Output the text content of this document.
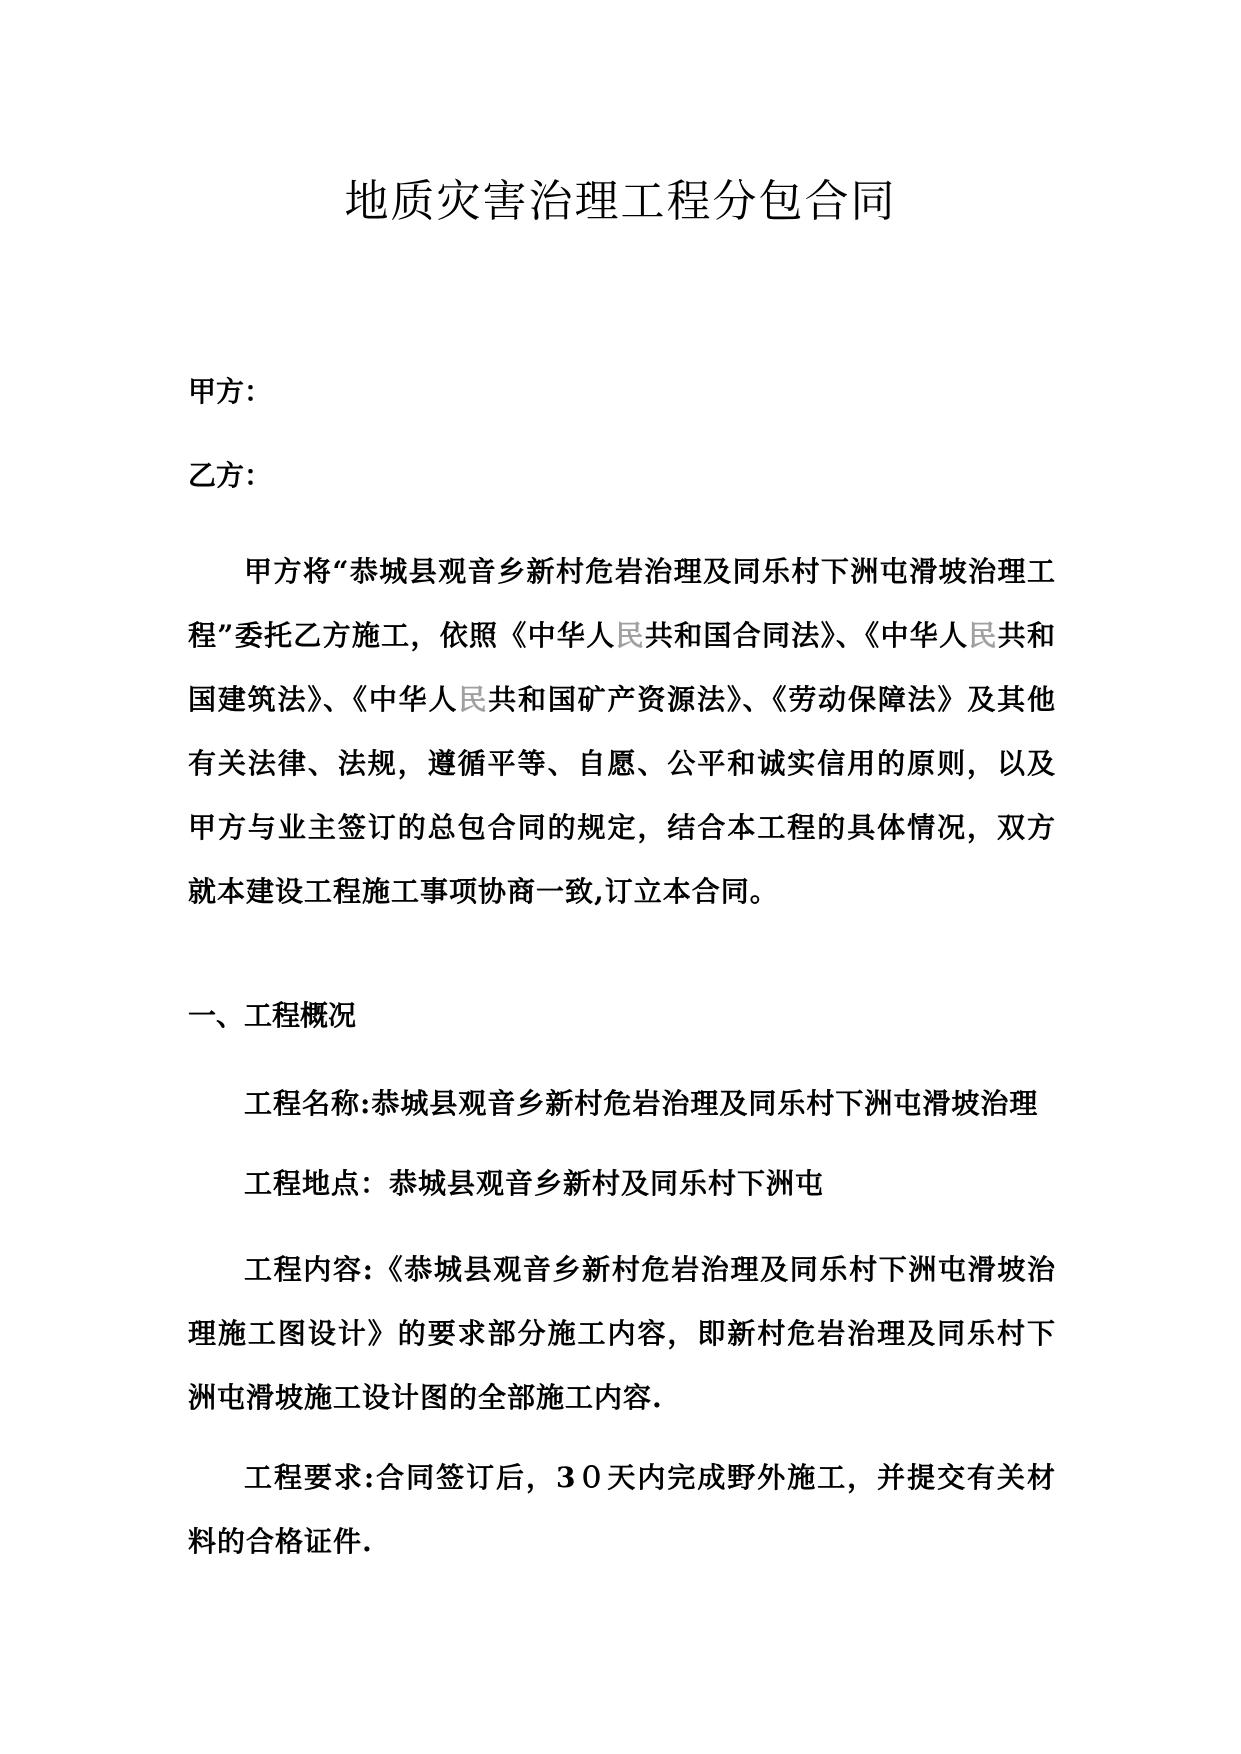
地质灾害治理工程分包合同
甲方：
乙方：
甲方将“恭城县观音乡新村危岩治理及同乐村下洲屯滑坡治理工程”委托乙方施工，依照《中华人民共和国合同法》、《中华人民共和国建筑法》、《中华人民共和国矿产资源法》、《劳动保障法》及其他有关法律、法规，遵循平等、自愿、公平和诚实信用的原则，以及甲方与业主签订的总包合同的规定，结合本工程的具体情况，双方就本建设工程施工事项协商一致,订立本合同。
一、工程概况
工程名称:恭城县观音乡新村危岩治理及同乐村下洲屯滑坡治理
工程地点：恭城县观音乡新村及同乐村下洲屯
工程内容:《恭城县观音乡新村危岩治理及同乐村下洲屯滑坡治理施工图设计》的要求部分施工内容，即新村危岩治理及同乐村下洲屯滑坡施工设计图的全部施工内容.
工程要求:合同签订后，3０天内完成野外施工，并提交有关材料的合格证件.
